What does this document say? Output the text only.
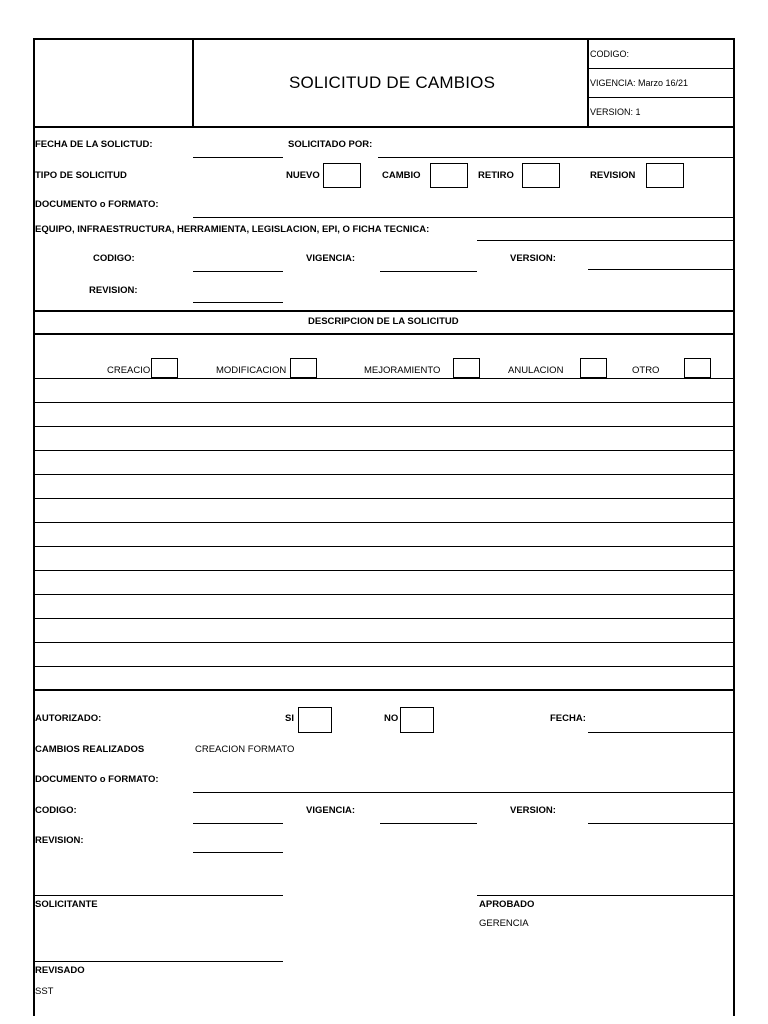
SOLICITUD DE CAMBIOS
CODIGO:
VIGENCIA: Marzo 16/21
VERSION: 1
FECHA DE LA SOLICTUD:	SOLICITADO POR:
TIPO DE SOLICITUD	NUEVO	CAMBIO	RETIRO	REVISION
DOCUMENTO o FORMATO:
EQUIPO, INFRAESTRUCTURA, HERRAMIENTA, LEGISLACION, EPI, O FICHA TECNICA:
CODIGO:	VIGENCIA:	VERSION:
REVISION:
DESCRIPCION DE LA SOLICITUD
CREACIO	MODIFICACION	MEJORAMIENTO	ANULACION	OTRO
AUTORIZADO:	SI	NO	FECHA:
CAMBIOS REALIZADOS	CREACION FORMATO
DOCUMENTO o FORMATO:
CODIGO:	VIGENCIA:	VERSION:
REVISION:
SOLICITANTE	APROBADO
GERENCIA
REVISADO
SST
